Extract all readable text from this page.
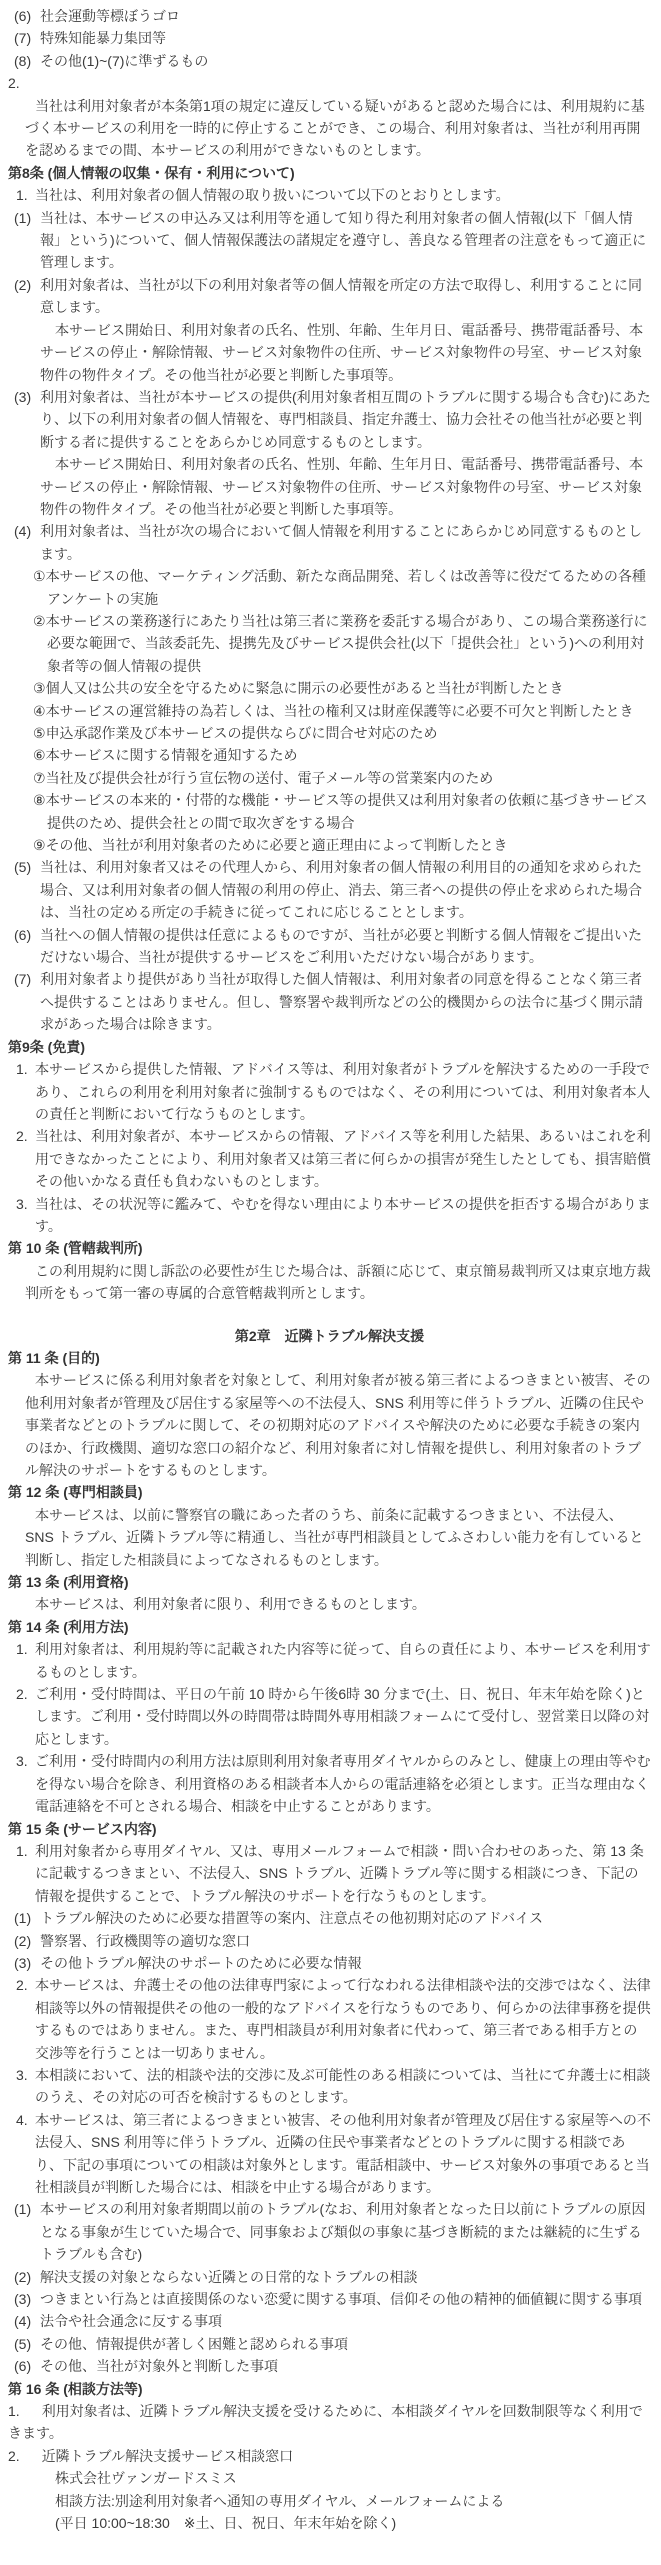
(6) 社会運動等標ぼうゴロ
(7) 特殊知能暴力集団等
(8) その他(1)~(7)に準ずるもの
2.
当社は利用対象者が本条第1項の規定に違反している疑いがあると認めた場合には、利用規約に基づく本サービスの利用を一時的に停止することができ、この場合、利用対象者は、当社が利用再開を認めるまでの間、本サービスの利用ができないものとします。
第8条 (個人情報の収集・保有・利用について)
1. 当社は、利用対象者の個人情報の取り扱いについて以下のとおりとします。
(1) 当社は、本サービスの申込み又は利用等を通して知り得た利用対象者の個人情報(以下「個人情報」という)について、個人情報保護法の諸規定を遵守し、善良なる管理者の注意をもって適正に管理します。
(2) 利用対象者は、当社が以下の利用対象者等の個人情報を所定の方法で取得し、利用することに同意します。
本サービス開始日、利用対象者の氏名、性別、年齢、生年月日、電話番号、携帯電話番号、本サービスの停止・解除情報、サービス対象物件の住所、サービス対象物件の号室、サービス対象物件の物件タイプ。その他当社が必要と判断した事項等。
(3) 利用対象者は、当社が本サービスの提供(利用対象者相互間のトラブルに関する場合も含む)にあたり、以下の利用対象者の個人情報を、専門相談員、指定弁護士、協力会社その他当社が必要と判断する者に提供することをあらかじめ同意するものとします。
本サービス開始日、利用対象者の氏名、性別、年齢、生年月日、電話番号、携帯電話番号、本サービスの停止・解除情報、サービス対象物件の住所、サービス対象物件の号室、サービス対象物件の物件タイプ。その他当社が必要と判断した事項等。
(4) 利用対象者は、当社が次の場合において個人情報を利用することにあらかじめ同意するものとします。
①本サービスの他、マーケティング活動、新たな商品開発、若しくは改善等に役だてるための各種アンケートの実施
②本サービスの業務遂行にあたり当社は第三者に業務を委託する場合があり、この場合業務遂行に必要な範囲で、当該委託先、提携先及びサービス提供会社(以下「提供会社」という)への利用対象者等の個人情報の提供
③個人又は公共の安全を守るために緊急に開示の必要性があると当社が判断したとき
④本サービスの運営維持の為若しくは、当社の権利又は財産保護等に必要不可欠と判断したとき
⑤申込承認作業及び本サービスの提供ならびに問合せ対応のため
⑥本サービスに関する情報を通知するため
⑦当社及び提供会社が行う宣伝物の送付、電子メール等の営業案内のため
⑧本サービスの本来的・付帯的な機能・サービス等の提供又は利用対象者の依頼に基づきサービス提供のため、提供会社との間で取次ぎをする場合
⑨その他、当社が利用対象者のために必要と適正理由によって判断したとき
(5) 当社は、利用対象者又はその代理人から、利用対象者の個人情報の利用目的の通知を求められた場合、又は利用対象者の個人情報の利用の停止、消去、第三者への提供の停止を求められた場合は、当社の定める所定の手続きに従ってこれに応じることとします。
(6) 当社への個人情報の提供は任意によるものですが、当社が必要と判断する個人情報をご提出いただけない場合、当社が提供するサービスをご利用いただけない場合があります。
(7) 利用対象者より提供があり当社が取得した個人情報は、利用対象者の同意を得ることなく第三者へ提供することはありません。但し、警察署や裁判所などの公的機関からの法令に基づく開示請求があった場合は除きます。
第9条 (免責)
1. 本サービスから提供した情報、アドバイス等は、利用対象者がトラブルを解決するための一手段であり、これらの利用を利用対象者に強制するものではなく、その利用については、利用対象者本人の責任と判断において行なうものとします。
2. 当社は、利用対象者が、本サービスからの情報、アドバイス等を利用した結果、あるいはこれを利用できなかったことにより、利用対象者又は第三者に何らかの損害が発生したとしても、損害賠償その他いかなる責任も負わないものとします。
3. 当社は、その状況等に鑑みて、やむを得ない理由により本サービスの提供を拒否する場合があります。
第 10 条 (管轄裁判所)
この利用規約に関し訴訟の必要性が生じた場合は、訴額に応じて、東京簡易裁判所又は東京地方裁判所をもって第一審の専属的合意管轄裁判所とします。
第2章　近隣トラブル解決支援
第 11 条 (目的)
本サービスに係る利用対象者を対象として、利用対象者が被る第三者によるつきまとい被害、その他利用対象者が管理及び居住する家屋等への不法侵入、SNS 利用等に伴うトラブル、近隣の住民や事業者などとのトラブルに関して、その初期対応のアドバイスや解決のために必要な手続きの案内のほか、行政機関、適切な窓口の紹介など、利用対象者に対し情報を提供し、利用対象者のトラブル解決のサポートをするものとします。
第 12 条 (専門相談員)
本サービスは、以前に警察官の職にあった者のうち、前条に記載するつきまとい、不法侵入、SNS トラブル、近隣トラブル等に精通し、当社が専門相談員としてふさわしい能力を有していると判断し、指定した相談員によってなされるものとします。
第 13 条 (利用資格)
本サービスは、利用対象者に限り、利用できるものとします。
第 14 条 (利用方法)
1. 利用対象者は、利用規約等に記載された内容等に従って、自らの責任により、本サービスを利用するものとします。
2. ご利用・受付時間は、平日の午前 10 時から午後6時 30 分まで(土、日、祝日、年末年始を除く)とします。ご利用・受付時間以外の時間帯は時間外専用相談フォームにて受付し、翌営業日以降の対応とします。
3. ご利用・受付時間内の利用方法は原則利用対象者専用ダイヤルからのみとし、健康上の理由等やむを得ない場合を除き、利用資格のある相談者本人からの電話連絡を必須とします。正当な理由なく電話連絡を不可とされる場合、相談を中止することがあります。
第 15 条 (サービス内容)
1. 利用対象者から専用ダイヤル、又は、専用メールフォームで相談・問い合わせのあった、第 13 条に記載するつきまとい、不法侵入、SNS トラブル、近隣トラブル等に関する相談につき、下記の情報を提供することで、トラブル解決のサポートを行なうものとします。
(1) トラブル解決のために必要な措置等の案内、注意点その他初期対応のアドバイス
(2) 警察署、行政機関等の適切な窓口
(3) その他トラブル解決のサポートのために必要な情報
2. 本サービスは、弁護士その他の法律専門家によって行なわれる法律相談や法的交渉ではなく、法律相談等以外の情報提供その他の一般的なアドバイスを行なうものであり、何らかの法律事務を提供するものではありません。また、専門相談員が利用対象者に代わって、第三者である相手方との交渉等を行うことは一切ありません。
3. 本相談において、法的相談や法的交渉に及ぶ可能性のある相談については、当社にて弁護士に相談のうえ、その対応の可否を検討するものとします。
4. 本サービスは、第三者によるつきまとい被害、その他利用対象者が管理及び居住する家屋等への不法侵入、SNS 利用等に伴うトラブル、近隣の住民や事業者などとのトラブルに関する相談であり、下記の事項についての相談は対象外とします。電話相談中、サービス対象外の事項であると当社相談員が判断した場合には、相談を中止する場合があります。
(1) 本サービスの利用対象者期間以前のトラブル(なお、利用対象者となった日以前にトラブルの原因となる事象が生じていた場合で、同事象および類似の事象に基づき断続的または継続的に生ずるトラブルも含む)
(2) 解決支援の対象とならない近隣との日常的なトラブルの相談
(3) つきまとい行為とは直接関係のない恋愛に関する事項、信仰その他の精神的価値観に関する事項
(4) 法令や社会通念に反する事項
(5) その他、情報提供が著しく困難と認められる事項
(6) その他、当社が対象外と判断した事項
第 16 条 (相談方法等)
1. 利用対象者は、近隣トラブル解決支援を受けるために、本相談ダイヤルを回数制限等なく利用できます。
2. 近隣トラブル解決支援サービス相談窓口
株式会社ヴァンガードスミス
相談方法:別途利用対象者へ通知の専用ダイヤル、メールフォームによる
(平日 10:00~18:30　※土、日、祝日、年末年始を除く)
